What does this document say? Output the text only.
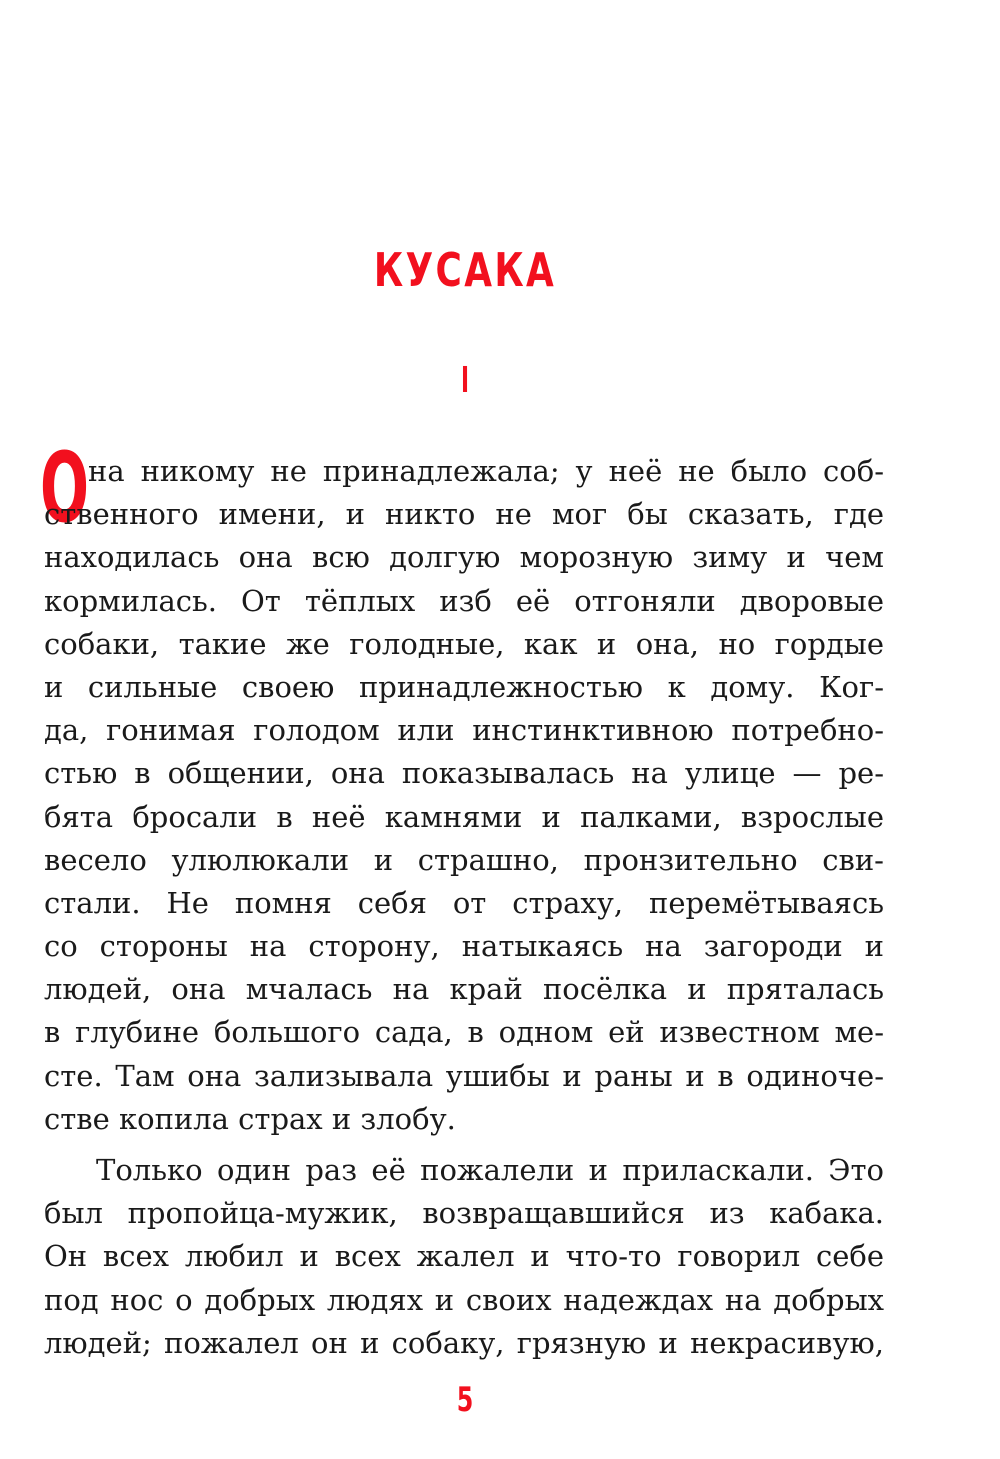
КУСАКА
I
О на никому не принадлежала; у неё не было соб-
ственного имени, и никто не мог бы сказать, где
находилась она всю долгую морозную зиму и чем
кормилась. От тёплых изб её отгоняли дворовые
собаки, такие же голодные, как и она, но гордые
и сильные своею принадлежностью к дому. Ког-
да, гонимая голодом или инстинктивною потребно-
стью в общении, она показывалась на улице — ре-
бята бросали в неё камнями и палками, взрослые
весело улюлюкали и страшно, пронзительно сви-
стали. Не помня себя от страху, перемётываясь
со стороны на сторону, натыкаясь на загороди и
людей, она мчалась на край посёлка и пряталась
в глубине большого сада, в одном ей известном ме-
сте. Там она зализывала ушибы и раны и в одиноче-
стве копила страх и злобу.

Только один раз её пожалели и приласкали. Это
был пропойца-мужик, возвращавшийся из кабака.
Он всех любил и всех жалел и что-то говорил себе
под нос о добрых людях и своих надеждах на добрых
людей; пожалел он и собаку, грязную и некрасивую,

5
